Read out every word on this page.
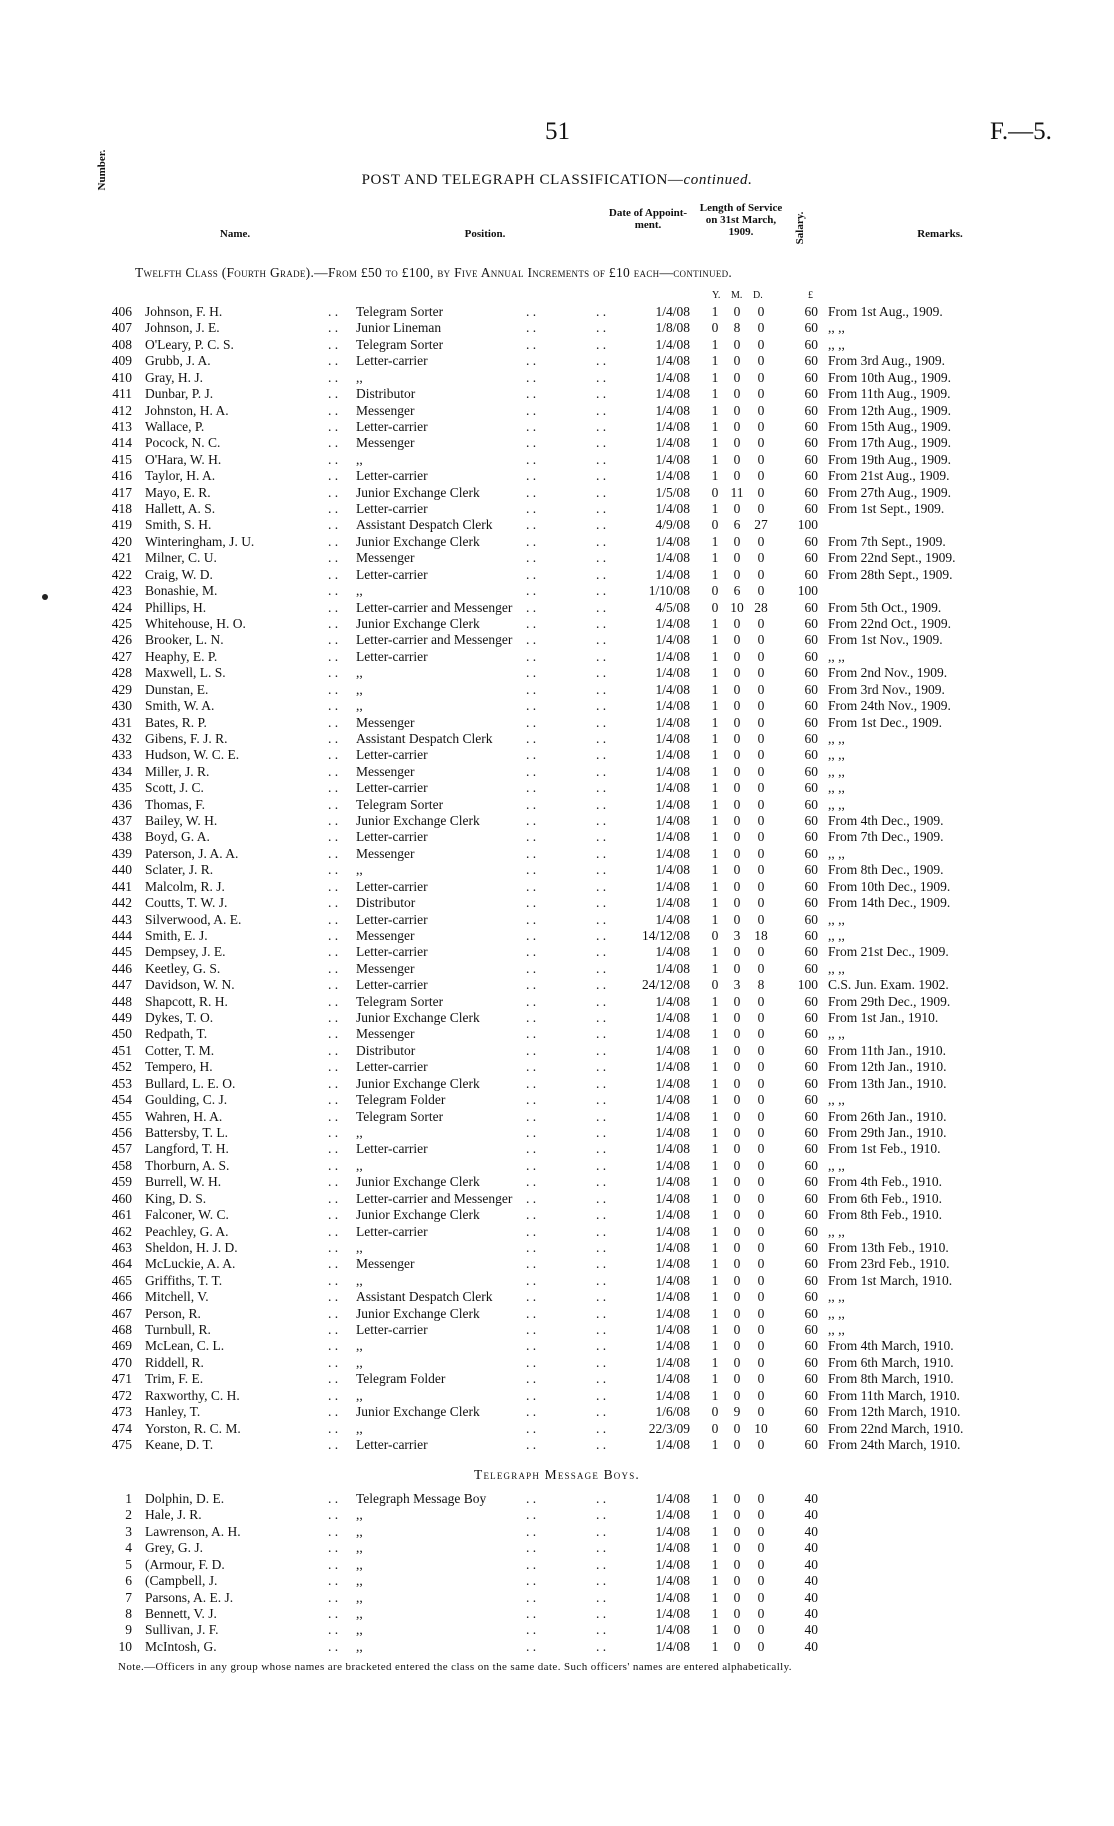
51	F.—5.
POST AND TELEGRAPH CLASSIFICATION—continued.
Number.
Name.	Position.
Date of Appoint-ment.
Length of Service on 31st March, 1909.	Salary.	Remarks.
Twelfth Class (Fourth Grade).—From £50 to £100, by Five Annual Increments of £10 each—continued.
Y. M. D.	£
406 Johnson, F. H.	. . Telegram Sorter	. .	. .	1/4/08 1	0	0	60 From 1st Aug., 1909.
407 Johnson, J. E.	. . Junior Lineman	. .	. .	1/8/08 0	8	0	60 ,, ,,
408 O'Leary, P. C. S.	. . Telegram Sorter	. .	. .	1/4/08 1	0	0	60 ,, ,,
409 Grubb, J. A.	. . Letter-carrier	. .	. .	1/4/08 1	0	0	60 From 3rd Aug., 1909.
410 Gray, H. J.	. . ,,	. .	. .	1/4/08 1	0	0	60 From 10th Aug., 1909.
411 Dunbar, P. J.	. . Distributor	. .	. .	1/4/08 1	0	0	60 From 11th Aug., 1909.
412 Johnston, H. A.	. . Messenger	. .	. .	1/4/08 1	0	0	60 From 12th Aug., 1909.
413 Wallace, P.	. . Letter-carrier	. .	. .	1/4/08 1	0	0	60 From 15th Aug., 1909.
414 Pocock, N. C.	. . Messenger	. .	. .	1/4/08 1	0	0	60 From 17th Aug., 1909.
415 O'Hara, W. H.	. . ,,	. .	. .	1/4/08 1	0	0	60 From 19th Aug., 1909.
416 Taylor, H. A.	. . Letter-carrier	. .	. .	1/4/08 1	0	0	60 From 21st Aug., 1909.
417 Mayo, E. R.	. . Junior Exchange Clerk	. .	. .	1/5/08 0 11	0	60 From 27th Aug., 1909.
418 Hallett, A. S.	. . Letter-carrier	. .	. .	1/4/08 1	0	0	60 From 1st Sept., 1909.
419 Smith, S. H.	. . Assistant Despatch Clerk . .	. .	4/9/08 0	6	27	100
420 Winteringham, J. U.	. . Junior Exchange Clerk	. .	. .	1/4/08 1	0	0	60 From 7th Sept., 1909.
421 Milner, C. U.	. . Messenger	. .	. .	1/4/08 1	0	0	60 From 22nd Sept., 1909.
422 Craig, W. D.	. . Letter-carrier	. .	. .	1/4/08 1	0	0	60 From 28th Sept., 1909.
423 Bonashie, M.	. . ,,	. .	. .	1/10/08 0	6	0	100
424 Phillips, H.	. . Letter-carrier and Messenger . .	. .	4/5/08 0 10 28	60 From 5th Oct., 1909.
425 Whitehouse, H. O.	. . Junior Exchange Clerk	. .	. .	1/4/08 1	0	0	60 From 22nd Oct., 1909.
426 Brooker, L. N.	. . Letter-carrier and Messenger . .	. .	1/4/08 1	0	0	60 From 1st Nov., 1909.
427 Heaphy, E. P.	. . Letter-carrier	. .	. .	1/4/08 1	0	0	60 ,, ,,
428 Maxwell, L. S.	. . ,,	. .	. .	1/4/08 1	0	0	60 From 2nd Nov., 1909.
429 Dunstan, E.	. . ,,	. .	. .	1/4/08 1	0	0	60 From 3rd Nov., 1909.
430 Smith, W. A.	. . ,,	. .	. .	1/4/08 1	0	0	60 From 24th Nov., 1909.
431 Bates, R. P.	. . Messenger	. .	. .	1/4/08 1	0	0	60 From 1st Dec., 1909.
432 Gibens, F. J. R.	. . Assistant Despatch Clerk . .	. .	1/4/08 1	0	0	60 ,, ,,
433 Hudson, W. C. E.	. . Letter-carrier	. .	. .	1/4/08 1	0	0	60 ,, ,,
434 Miller, J. R.	. . Messenger	. .	. .	1/4/08 1	0	0	60 ,, ,,
435 Scott, J. C.	. . Letter-carrier	. .	. .	1/4/08 1	0	0	60 ,, ,,
436 Thomas, F.	. . Telegram Sorter	. .	. .	1/4/08 1	0	0	60 ,, ,,
437 Bailey, W. H.	. . Junior Exchange Clerk	. .	. .	1/4/08 1	0	0	60 From 4th Dec., 1909.
438 Boyd, G. A.	. . Letter-carrier	. .	. .	1/4/08 1	0	0	60 From 7th Dec., 1909.
439 Paterson, J. A. A.	. . Messenger	. .	. .	1/4/08 1	0	0	60 ,, ,,
440 Sclater, J. R.	. . ,,	. .	. .	1/4/08 1	0	0	60 From 8th Dec., 1909.
441 Malcolm, R. J.	. . Letter-carrier	. .	. .	1/4/08 1	0	0	60 From 10th Dec., 1909.
442 Coutts, T. W. J.	. . Distributor	. .	. .	1/4/08 1	0	0	60 From 14th Dec., 1909.
443 Silverwood, A. E.	. . Letter-carrier	. .	. .	1/4/08 1	0	0	60 ,, ,,
444 Smith, E. J.	. . Messenger	. .	. .	14/12/08 0	3	18	60 ,, ,,
445 Dempsey, J. E.	. . Letter-carrier	. .	. .	1/4/08 1	0	0	60 From 21st Dec., 1909.
446 Keetley, G. S.	. . Messenger	. .	. .	1/4/08 1	0	0	60 ,, ,,
447 Davidson, W. N.	. . Letter-carrier	. .	. .	24/12/08 0	3	8	100 C.S. Jun. Exam. 1902.
448 Shapcott, R. H.	. . Telegram Sorter	. .	. .	1/4/08 1	0	0	60 From 29th Dec., 1909.
449 Dykes, T. O.	. . Junior Exchange Clerk	. .	. .	1/4/08 1	0	0	60 From 1st Jan., 1910.
450 Redpath, T.	. . Messenger	. .	. .	1/4/08 1	0	0	60 ,, ,,
451 Cotter, T. M.	. . Distributor	. .	. .	1/4/08 1	0	0	60 From 11th Jan., 1910.
452 Tempero, H.	. . Letter-carrier	. .	. .	1/4/08 1	0	0	60 From 12th Jan., 1910.
453 Bullard, L. E. O.	. . Junior Exchange Clerk	. .	. .	1/4/08 1	0	0	60 From 13th Jan., 1910.
454 Goulding, C. J.	. . Telegram Folder	. .	. .	1/4/08 1	0	0	60 ,, ,,
455 Wahren, H. A.	. . Telegram Sorter	. .	. .	1/4/08 1	0	0	60 From 26th Jan., 1910.
456 Battersby, T. L.	. . ,,	. .	. .	1/4/08 1	0	0	60 From 29th Jan., 1910.
457 Langford, T. H.	. . Letter-carrier	. .	. .	1/4/08 1	0	0	60 From 1st Feb., 1910.
458 Thorburn, A. S.	. . ,,	. .	. .	1/4/08 1	0	0	60 ,, ,,
459 Burrell, W. H.	. . Junior Exchange Clerk	. .	. .	1/4/08 1	0	0	60 From 4th Feb., 1910.
460 King, D. S.	. . Letter-carrier and Messenger . .	. .	1/4/08 1	0	0	60 From 6th Feb., 1910.
461 Falconer, W. C.	. . Junior Exchange Clerk	. .	. .	1/4/08 1	0	0	60 From 8th Feb., 1910.
462 Peachley, G. A.	. . Letter-carrier	. .	. .	1/4/08 1	0	0	60 ,, ,,
463 Sheldon, H. J. D.	. . ,,	. .	. .	1/4/08 1	0	0	60 From 13th Feb., 1910.
464 McLuckie, A. A.	. . Messenger	. .	. .	1/4/08 1	0	0	60 From 23rd Feb., 1910.
465 Griffiths, T. T.	. . ,,	. .	. .	1/4/08 1	0	0	60 From 1st March, 1910.
466 Mitchell, V.	. . Assistant Despatch Clerk . .	. .	1/4/08 1	0	0	60 ,, ,,
467 Person, R.	. . Junior Exchange Clerk	. .	. .	1/4/08 1	0	0	60 ,, ,,
468 Turnbull, R.	. . Letter-carrier	. .	. .	1/4/08 1	0	0	60 ,, ,,
469 McLean, C. L.	. . ,,	. .	. .	1/4/08 1	0	0	60 From 4th March, 1910.
470 Riddell, R.	. . ,,	. .	. .	1/4/08 1	0	0	60 From 6th March, 1910.
471 Trim, F. E.	. . Telegram Folder	. .	. .	1/4/08 1	0	0	60 From 8th March, 1910.
472 Raxworthy, C. H.	. . ,,	. .	. .	1/4/08 1	0	0	60 From 11th March, 1910.
473 Hanley, T.	. . Junior Exchange Clerk	. .	. .	1/6/08 0	9	0	60 From 12th March, 1910.
474 Yorston, R. C. M.	. . ,,	. .	. .	22/3/09 0	0	10	60 From 22nd March, 1910.
475 Keane, D. T.	. . Letter-carrier	. .	. .	1/4/08 1	0	0	60 From 24th March, 1910.
Telegraph Message Boys.
1 Dolphin, D. E.	. . Telegraph Message Boy	. .	. .	1/4/08 1	0	0	40
2 Hale, J. R.	. . ,,	. .	. .	1/4/08 1	0	0	40
3 Lawrenson, A. H.	. . ,,	. .	. .	1/4/08 1	0	0	40
4 Grey, G. J.	. . ,,	. .	. .	1/4/08 1	0	0	40
5 (Armour, F. D.	. . ,,	. .	. .	1/4/08 1	0	0	40
6 (Campbell, J.	. . ,,	. .	. .	1/4/08 1	0	0	40
7 Parsons, A. E. J.	. . ,,	. .	. .	1/4/08 1	0	0	40
8 Bennett, V. J.	. . ,,	. .	. .	1/4/08 1	0	0	40
9 Sullivan, J. F.	. . ,,	. .	. .	1/4/08 1	0	0	40
10 McIntosh, G.	. . ,,	. .	. .	1/4/08 1	0	0	40
Note.—Officers in any group whose names are bracketed entered the class on the same date. Such officers' names are entered alphabetically.
